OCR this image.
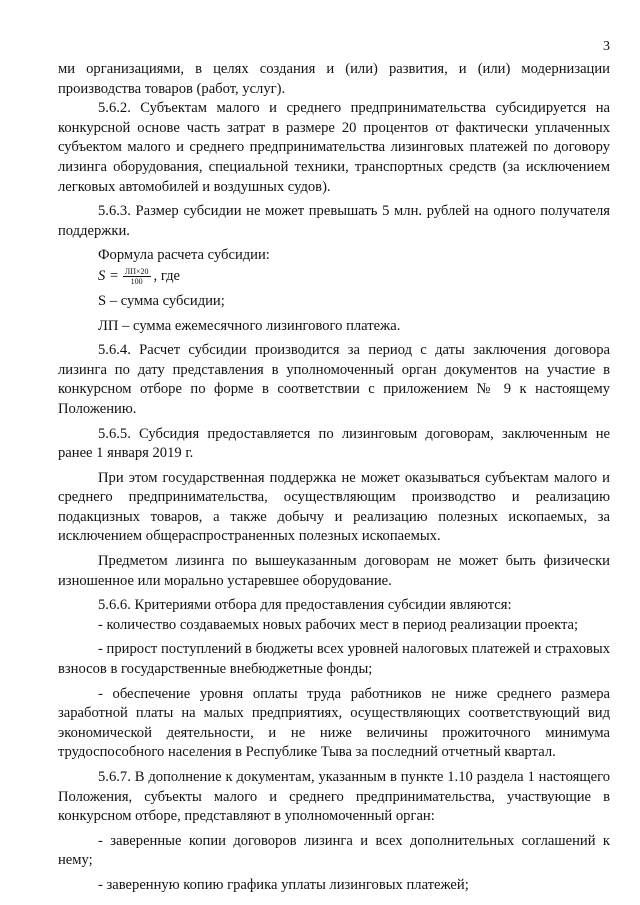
3

ми организациями, в целях создания и (или) развития, и (или) модернизации производства товаров (работ, услуг).

5.6.2. Субъектам малого и среднего предпринимательства субсидируется на конкурсной основе часть затрат в размере 20 процентов от фактически уплаченных субъектом малого и среднего предпринимательства лизинговых платежей по договору лизинга оборудования, специальной техники, транспортных средств (за исключением легковых автомобилей и воздушных судов).

5.6.3. Размер субсидии не может превышать 5 млн. рублей на одного получателя поддержки.

Формула расчета субсидии:

$S = \frac{ЛП\times 20}{100}$ , где

S – сумма субсидии;

ЛП – сумма ежемесячного лизингового платежа.

5.6.4. Расчет субсидии производится за период с даты заключения договора лизинга по дату представления в уполномоченный орган документов на участие в конкурсном отборе по форме в соответствии с приложением № 9 к настоящему Положению.

5.6.5. Субсидия предоставляется по лизинговым договорам, заключенным не ранее 1 января 2019 г.

При этом государственная поддержка не может оказываться субъектам малого и среднего предпринимательства, осуществляющим производство и реализацию подакцизных товаров, а также добычу и реализацию полезных ископаемых, за исключением общераспространенных полезных ископаемых.

Предметом лизинга по вышеуказанным договорам не может быть физически изношенное или морально устаревшее оборудование.

5.6.6. Критериями отбора для предоставления субсидии являются:

- количество создаваемых новых рабочих мест в период реализации проекта;

- прирост поступлений в бюджеты всех уровней налоговых платежей и страховых взносов в государственные внебюджетные фонды;

- обеспечение уровня оплаты труда работников не ниже среднего размера заработной платы на малых предприятиях, осуществляющих соответствующий вид экономической деятельности, и не ниже величины прожиточного минимума трудоспособного населения в Республике Тыва за последний отчетный квартал.

5.6.7. В дополнение к документам, указанным в пункте 1.10 раздела 1 настоящего Положения, субъекты малого и среднего предпринимательства, участвующие в конкурсном отборе, представляют в уполномоченный орган:

- заверенные копии договоров лизинга и всех дополнительных соглашений к нему;

- заверенную копию графика уплаты лизинговых платежей;
